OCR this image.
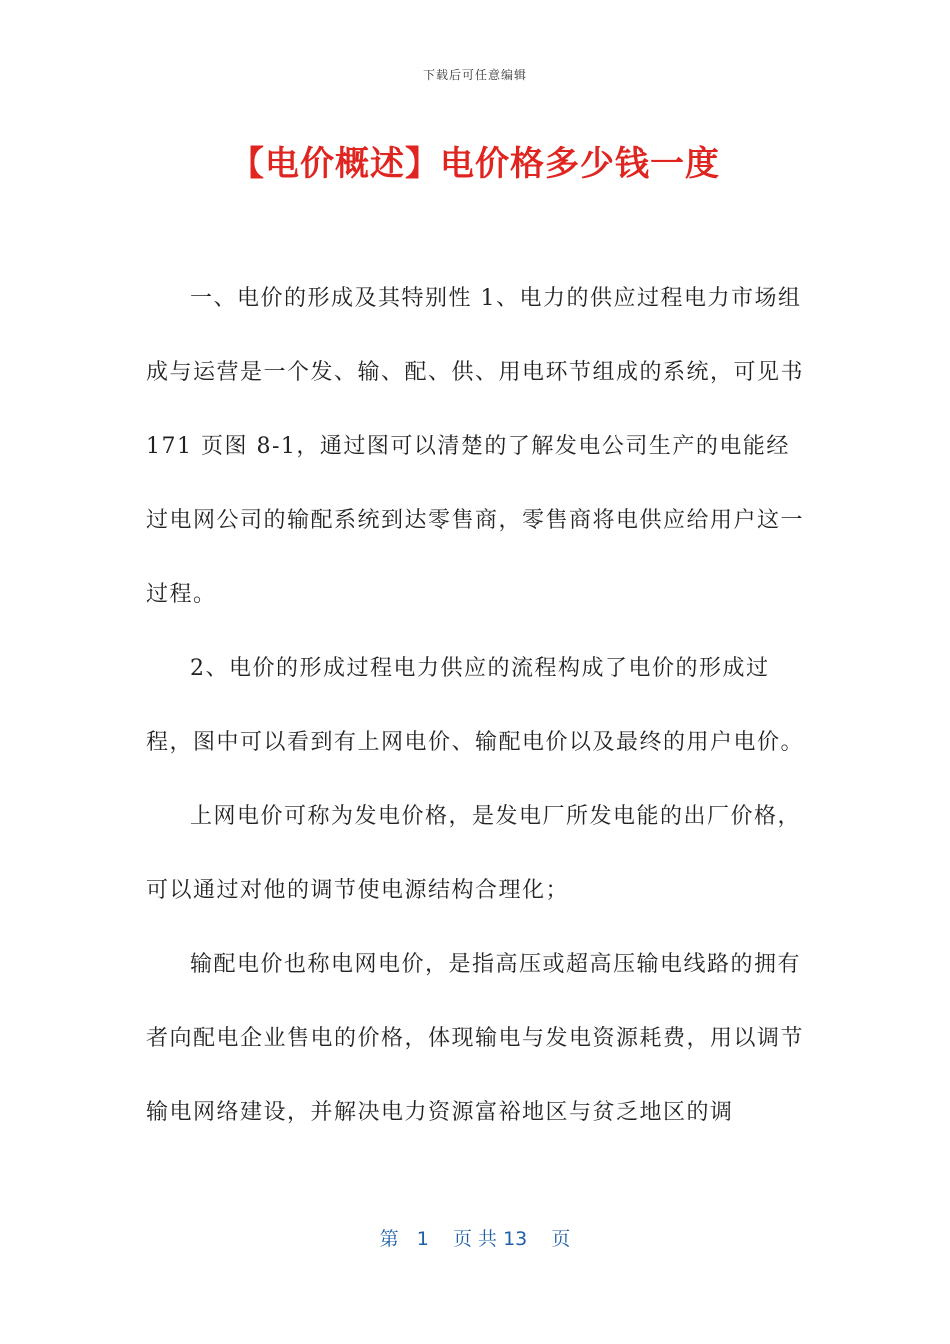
下载后可任意编辑
【电价概述】电价格多少钱一度

一、电价的形成及其特别性 1、电力的供应过程电力市场组成与运营是一个发、输、配、供、用电环节组成的系统，可见书 171 页图 8-1，通过图可以清楚的了解发电公司生产的电能经过电网公司的输配系统到达零售商，零售商将电供应给用户这一过程。

2、电价的形成过程电力供应的流程构成了电价的形成过程，图中可以看到有上网电价、输配电价以及最终的用户电价。

上网电价可称为发电价格，是发电厂所发电能的出厂价格，可以通过对他的调节使电源结构合理化；

输配电价也称电网电价，是指高压或超高压输电线路的拥有者向配电企业售电的价格，体现输电与发电资源耗费，用以调节输电网络建设，并解决电力资源富裕地区与贫乏地区的调

第 1 页 共 13 页
